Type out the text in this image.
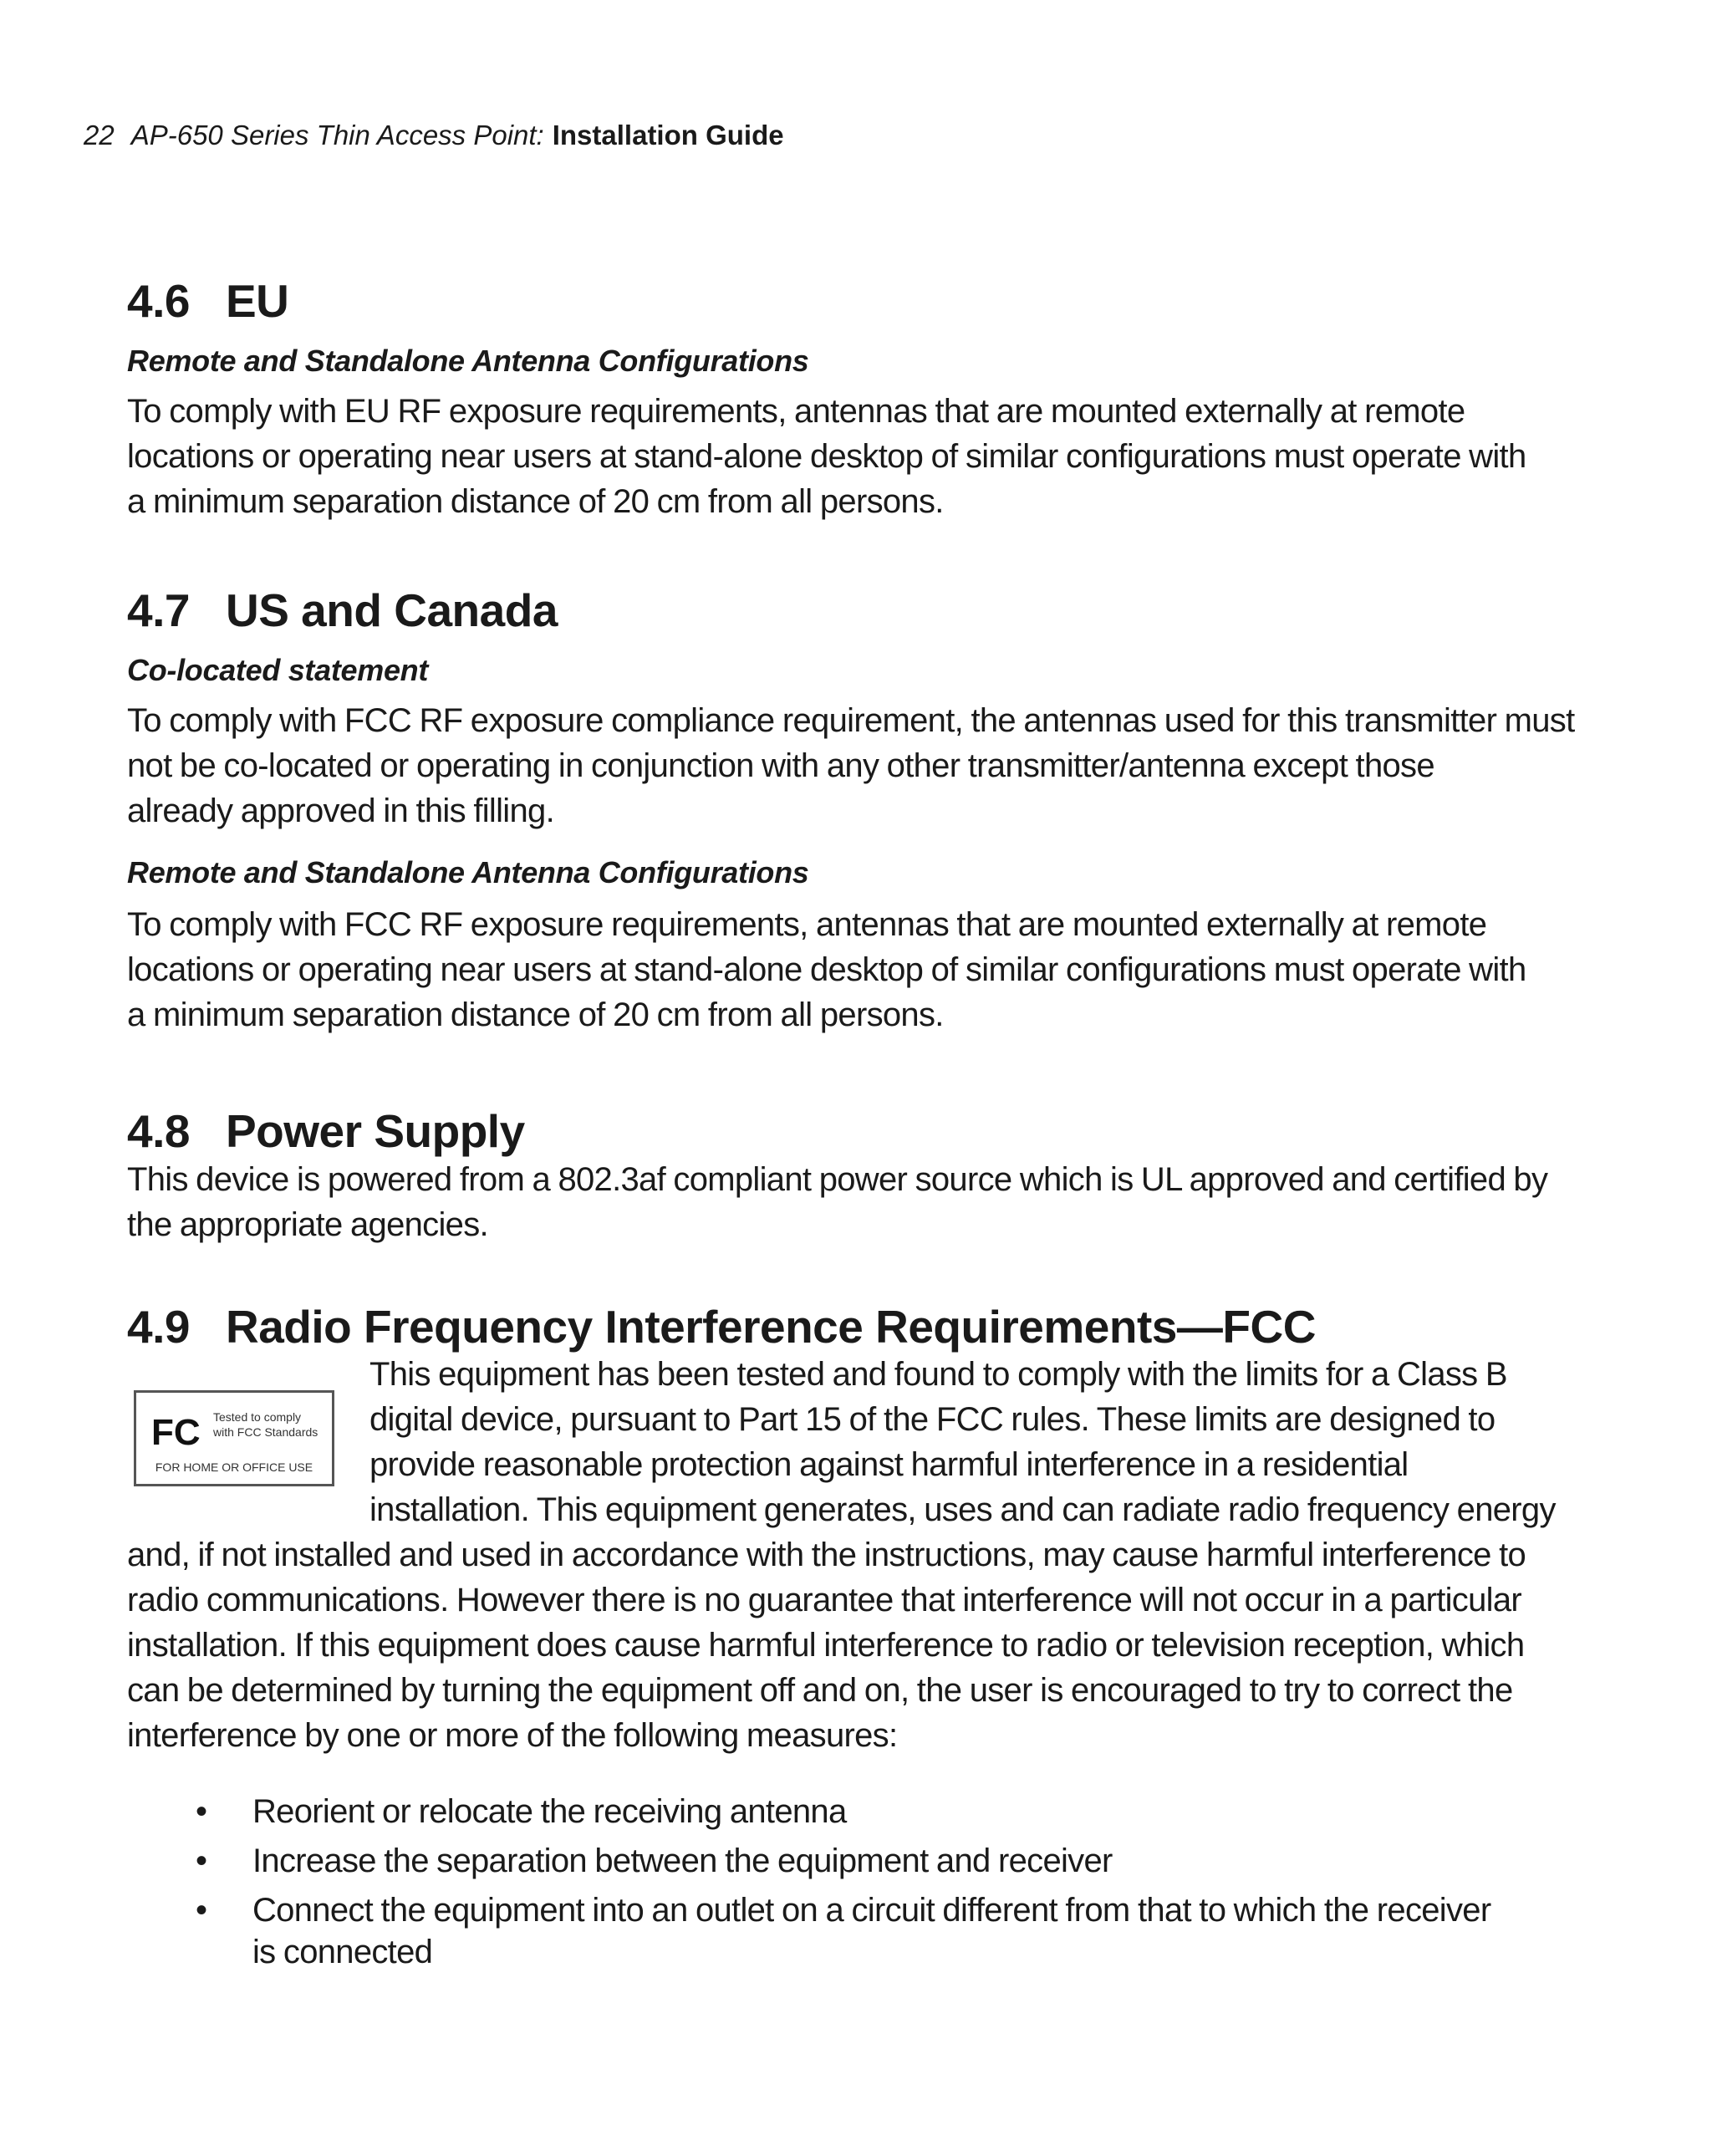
22 AP-650 Series Thin Access Point: Installation Guide
4.6 EU
Remote and Standalone Antenna Configurations

To comply with EU RF exposure requirements, antennas that are mounted externally at remote
locations or operating near users at stand-alone desktop of similar configurations must operate with
a minimum separation distance of 20 cm from all persons.

4.7 US and Canada
Co-located statement

To comply with FCC RF exposure compliance requirement, the antennas used for this transmitter must
not be co-located or operating in conjunction with any other transmitter/antenna except those
already approved in this filling.

Remote and Standalone Antenna Configurations

To comply with FCC RF exposure requirements, antennas that are mounted externally at remote
locations or operating near users at stand-alone desktop of similar configurations must operate with
a minimum separation distance of 20 cm from all persons.

4.8 Power Supply

This device is powered from a 802.3af compliant power source which is UL approved and certified by
the appropriate agencies.

4.9 Radio Frequency Interference Requirements—FCC
FC Tested to comply
with FCC Standards
FOR HOME OR OFFICE USE

This equipment has been tested and found to comply with the limits for a Class B
digital device, pursuant to Part 15 of the FCC rules. These limits are designed to
provide reasonable protection against harmful interference in a residential
installation. This equipment generates, uses and can radiate radio frequency energy

and, if not installed and used in accordance with the instructions, may cause harmful interference to
radio communications. However there is no guarantee that interference will not occur in a particular
installation. If this equipment does cause harmful interference to radio or television reception, which
can be determined by turning the equipment off and on, the user is encouraged to try to correct the
interference by one or more of the following measures:

• Reorient or relocate the receiving antenna
• Increase the separation between the equipment and receiver
• Connect the equipment into an outlet on a circuit different from that to which the receiver
is connected
